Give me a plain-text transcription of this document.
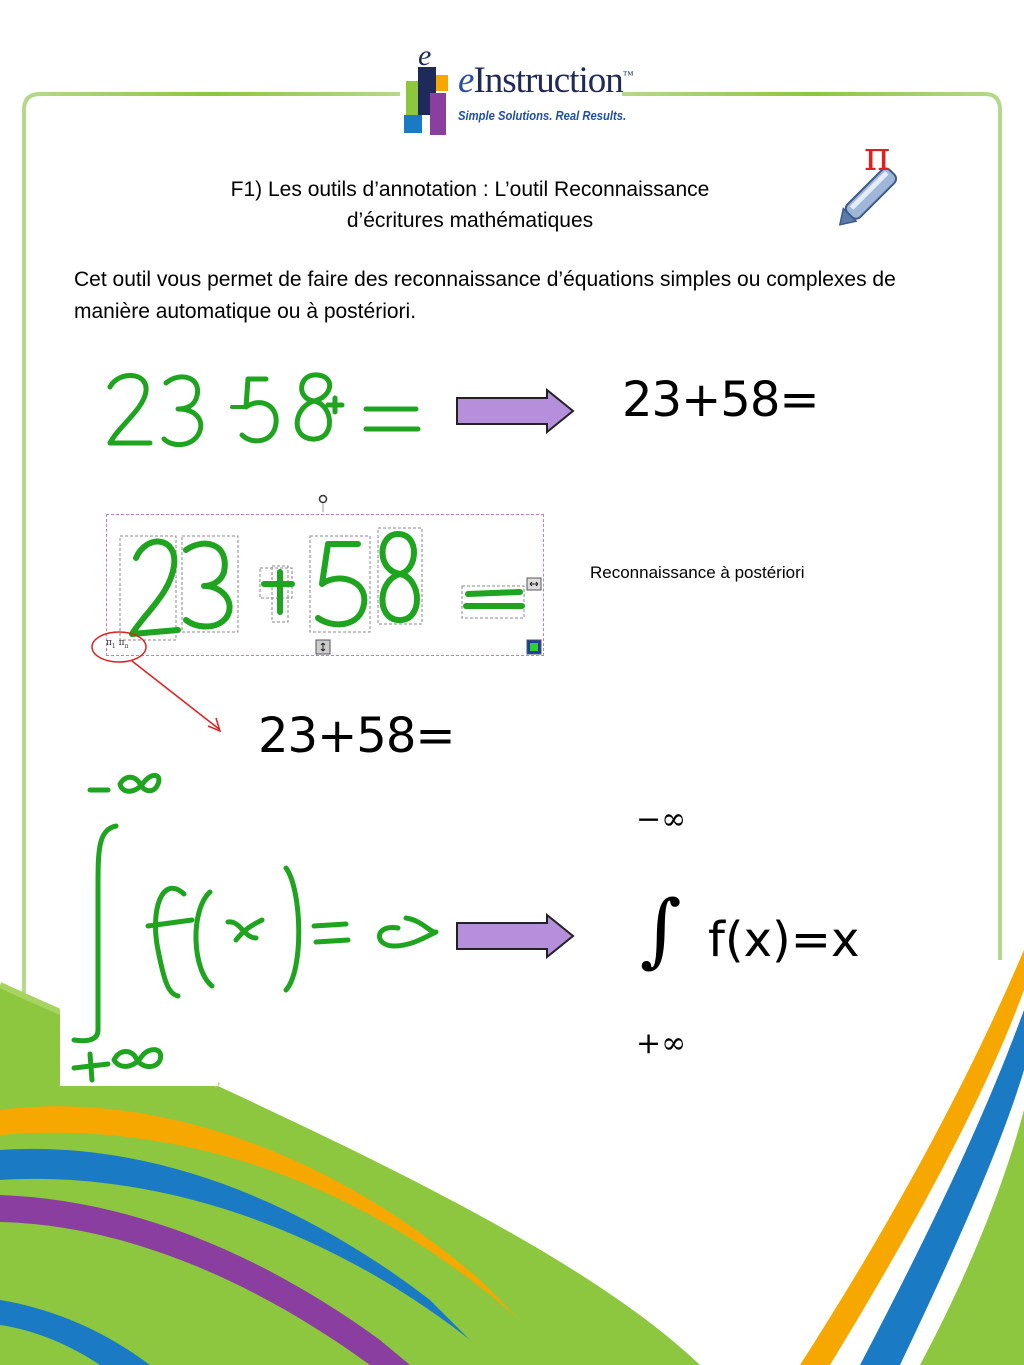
e
eInstruction™
Simple Solutions. Real Results.
F1) Les outils d’annotation : L’outil Reconnaissance
d’écritures mathématiques
π
Cet outil vous permet de faire des reconnaissance d’équations simples ou complexes de manière automatique ou à postériori.
23+58=
$\pi_1$ $\pi_\pi$
Reconnaissance à postériori
23+58=
−∞
∫ f(x)=x
+∞
